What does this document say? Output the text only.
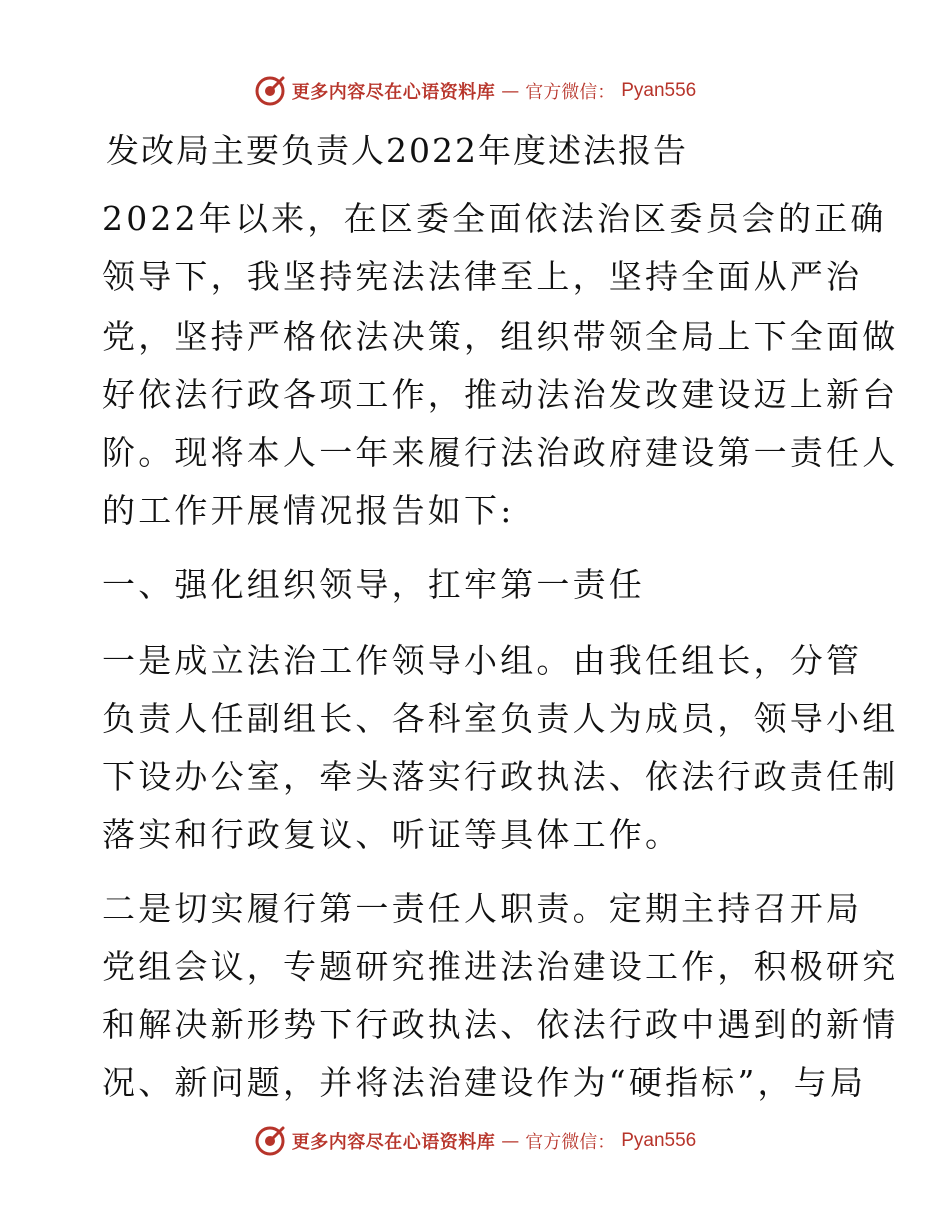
更多内容尽在心语资料库 — 官方微信： Pyan556
发改局主要负责人2022年度述法报告
2022年以来，在区委全面依法治区委员会的正确
领导下，我坚持宪法法律至上，坚持全面从严治
党，坚持严格依法决策，组织带领全局上下全面做
好依法行政各项工作，推动法治发改建设迈上新台
阶。现将本人一年来履行法治政府建设第一责任人
的工作开展情况报告如下:
一、强化组织领导，扛牢第一责任
一是成立法治工作领导小组。由我任组长，分管
负责人任副组长、各科室负责人为成员，领导小组
下设办公室，牵头落实行政执法、依法行政责任制
落实和行政复议、听证等具体工作。
二是切实履行第一责任人职责。定期主持召开局
党组会议，专题研究推进法治建设工作，积极研究
和解决新形势下行政执法、依法行政中遇到的新情
况、新问题，并将法治建设作为“硬指标”，与局
更多内容尽在心语资料库 — 官方微信： Pyan556
